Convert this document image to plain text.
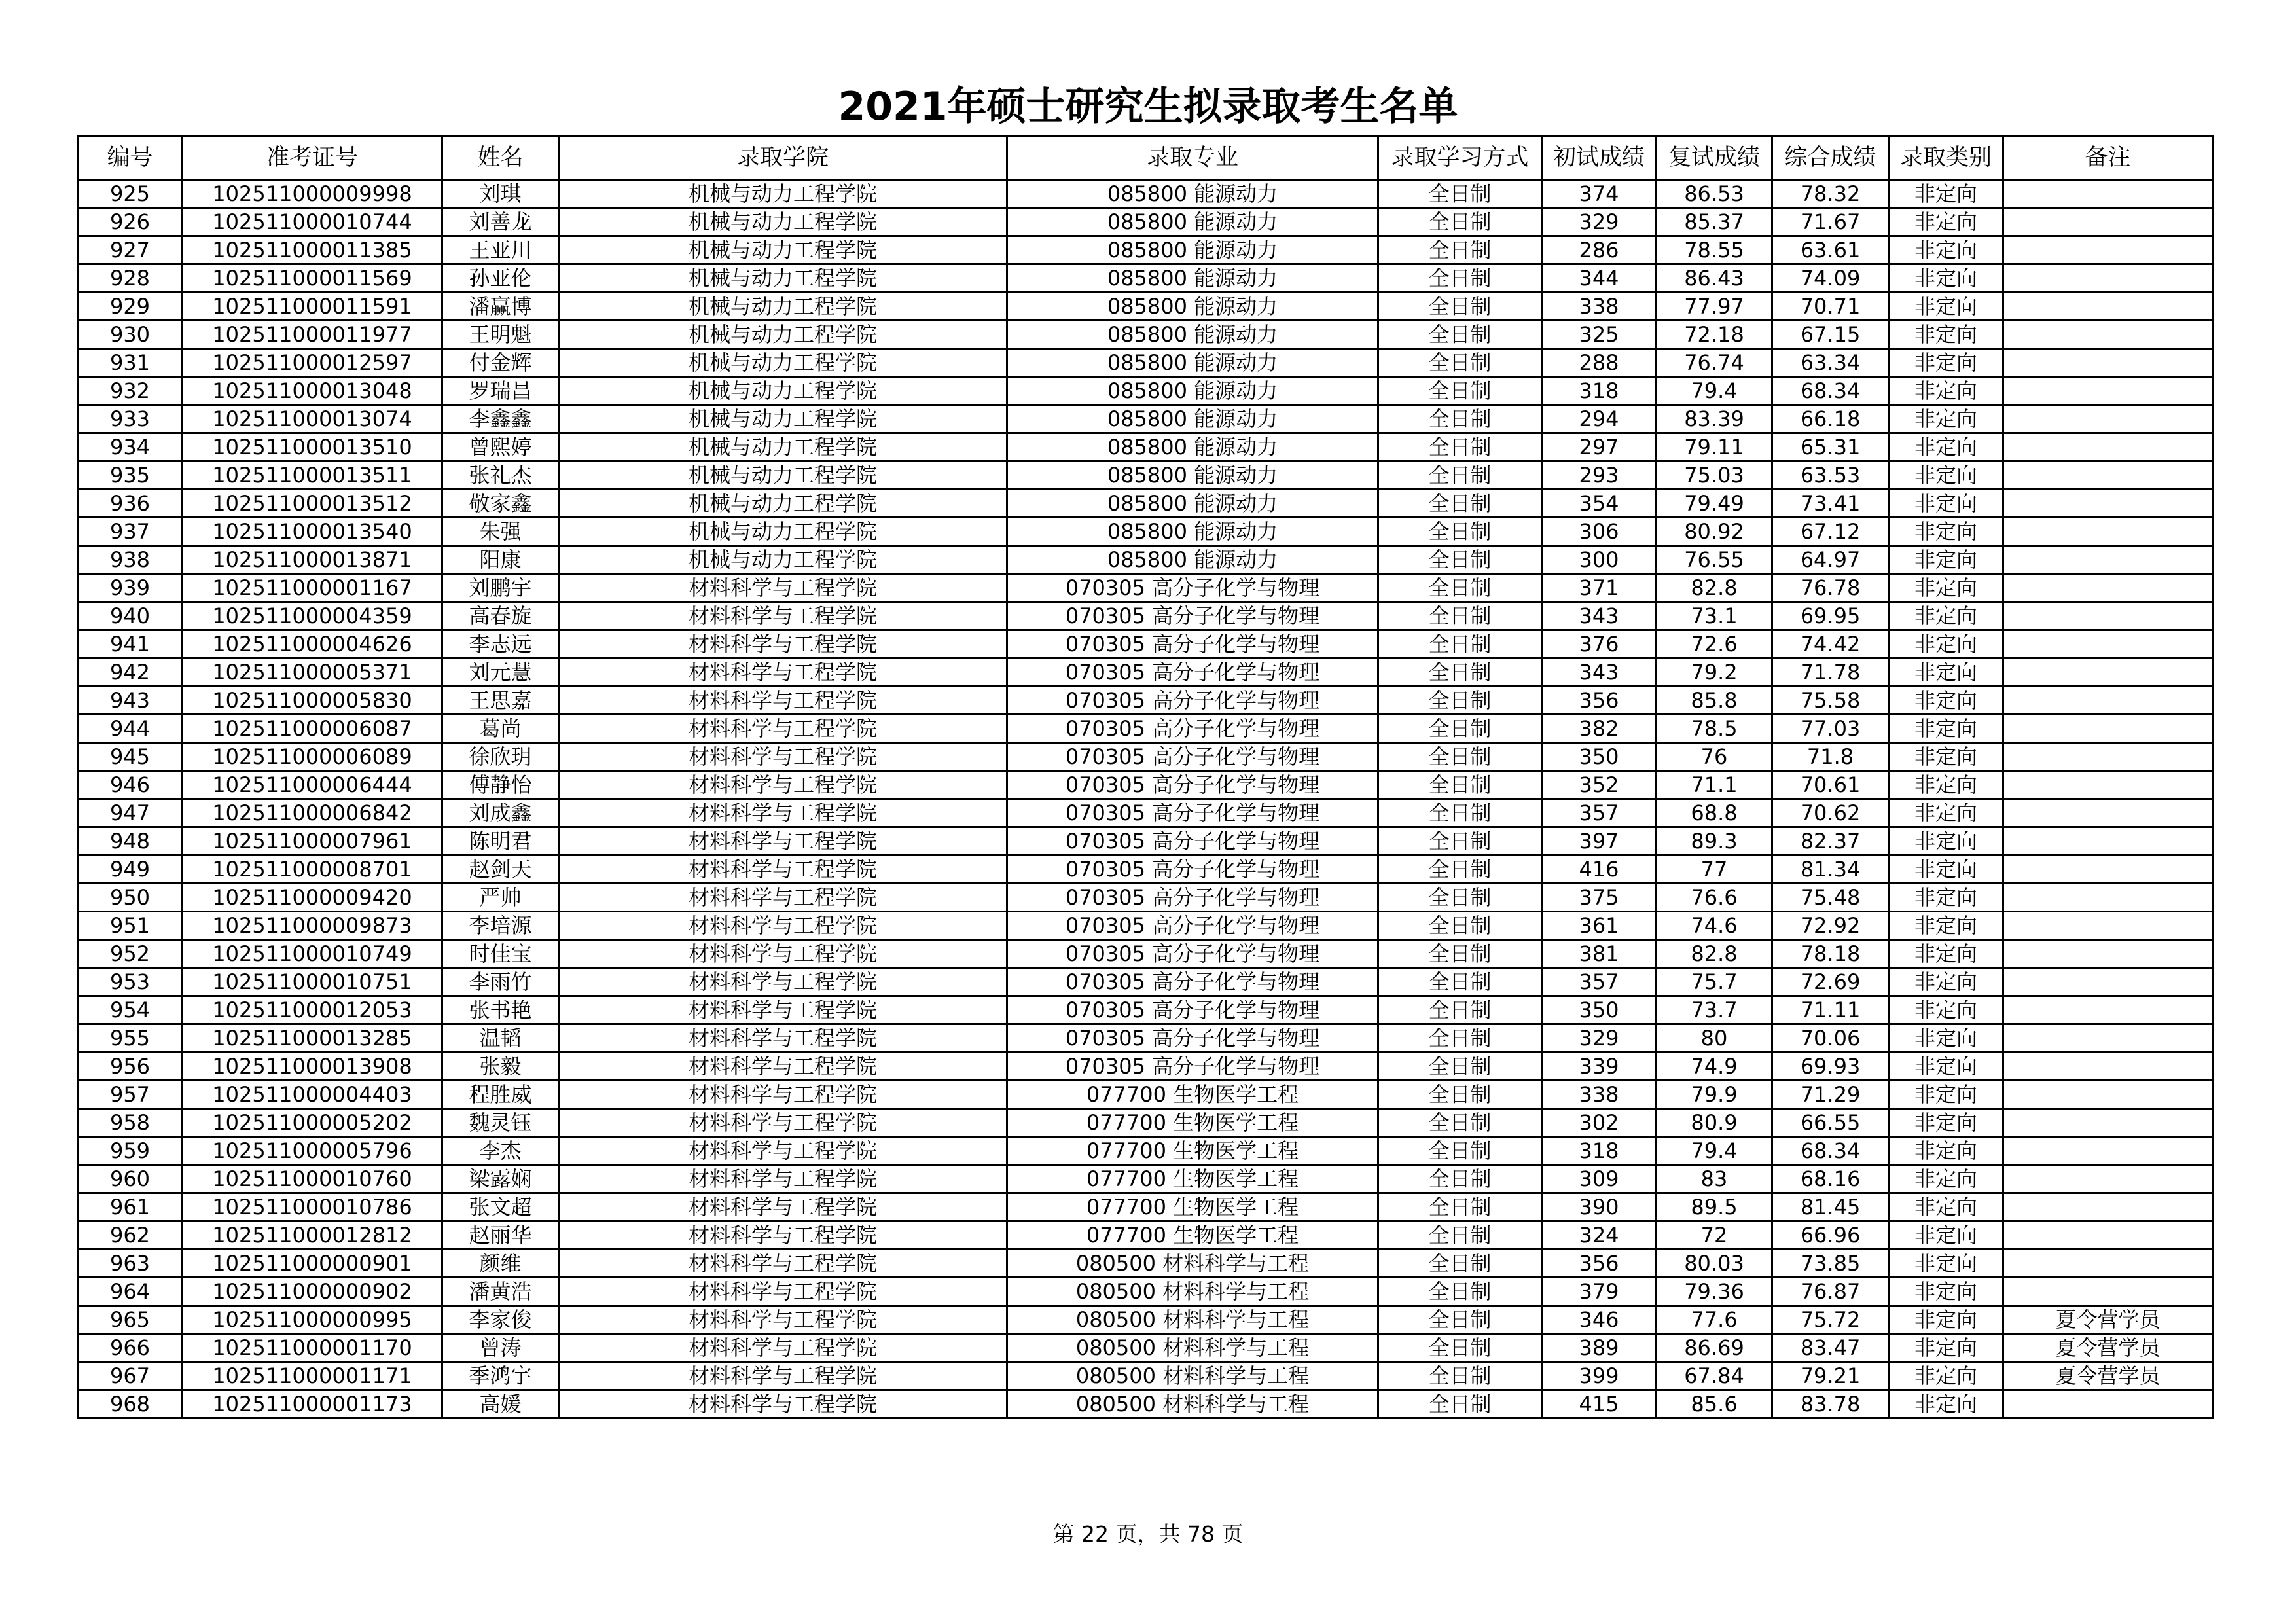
2021年硕士研究生拟录取考生名单
编号	准考证号	姓名	录取学院	录取专业	录取学习方式	初试成绩	复试成绩	综合成绩	录取类别	备注
925	102511000009998	刘琪	机械与动力工程学院	085800 能源动力	全日制	374	86.53	78.32	非定向	
926	102511000010744	刘善龙	机械与动力工程学院	085800 能源动力	全日制	329	85.37	71.67	非定向	
927	102511000011385	王亚川	机械与动力工程学院	085800 能源动力	全日制	286	78.55	63.61	非定向	
928	102511000011569	孙亚伦	机械与动力工程学院	085800 能源动力	全日制	344	86.43	74.09	非定向	
929	102511000011591	潘赢博	机械与动力工程学院	085800 能源动力	全日制	338	77.97	70.71	非定向	
930	102511000011977	王明魁	机械与动力工程学院	085800 能源动力	全日制	325	72.18	67.15	非定向	
931	102511000012597	付金辉	机械与动力工程学院	085800 能源动力	全日制	288	76.74	63.34	非定向	
932	102511000013048	罗瑞昌	机械与动力工程学院	085800 能源动力	全日制	318	79.4	68.34	非定向	
933	102511000013074	李鑫鑫	机械与动力工程学院	085800 能源动力	全日制	294	83.39	66.18	非定向	
934	102511000013510	曾熙婷	机械与动力工程学院	085800 能源动力	全日制	297	79.11	65.31	非定向	
935	102511000013511	张礼杰	机械与动力工程学院	085800 能源动力	全日制	293	75.03	63.53	非定向	
936	102511000013512	敬家鑫	机械与动力工程学院	085800 能源动力	全日制	354	79.49	73.41	非定向	
937	102511000013540	朱强	机械与动力工程学院	085800 能源动力	全日制	306	80.92	67.12	非定向	
938	102511000013871	阳康	机械与动力工程学院	085800 能源动力	全日制	300	76.55	64.97	非定向	
939	102511000001167	刘鹏宇	材料科学与工程学院	070305 高分子化学与物理	全日制	371	82.8	76.78	非定向	
940	102511000004359	高春旋	材料科学与工程学院	070305 高分子化学与物理	全日制	343	73.1	69.95	非定向	
941	102511000004626	李志远	材料科学与工程学院	070305 高分子化学与物理	全日制	376	72.6	74.42	非定向	
942	102511000005371	刘元慧	材料科学与工程学院	070305 高分子化学与物理	全日制	343	79.2	71.78	非定向	
943	102511000005830	王思嘉	材料科学与工程学院	070305 高分子化学与物理	全日制	356	85.8	75.58	非定向	
944	102511000006087	葛尚	材料科学与工程学院	070305 高分子化学与物理	全日制	382	78.5	77.03	非定向	
945	102511000006089	徐欣玥	材料科学与工程学院	070305 高分子化学与物理	全日制	350	76	71.8	非定向	
946	102511000006444	傅静怡	材料科学与工程学院	070305 高分子化学与物理	全日制	352	71.1	70.61	非定向	
947	102511000006842	刘成鑫	材料科学与工程学院	070305 高分子化学与物理	全日制	357	68.8	70.62	非定向	
948	102511000007961	陈明君	材料科学与工程学院	070305 高分子化学与物理	全日制	397	89.3	82.37	非定向	
949	102511000008701	赵剑天	材料科学与工程学院	070305 高分子化学与物理	全日制	416	77	81.34	非定向	
950	102511000009420	严帅	材料科学与工程学院	070305 高分子化学与物理	全日制	375	76.6	75.48	非定向	
951	102511000009873	李培源	材料科学与工程学院	070305 高分子化学与物理	全日制	361	74.6	72.92	非定向	
952	102511000010749	时佳宝	材料科学与工程学院	070305 高分子化学与物理	全日制	381	82.8	78.18	非定向	
953	102511000010751	李雨竹	材料科学与工程学院	070305 高分子化学与物理	全日制	357	75.7	72.69	非定向	
954	102511000012053	张书艳	材料科学与工程学院	070305 高分子化学与物理	全日制	350	73.7	71.11	非定向	
955	102511000013285	温韬	材料科学与工程学院	070305 高分子化学与物理	全日制	329	80	70.06	非定向	
956	102511000013908	张毅	材料科学与工程学院	070305 高分子化学与物理	全日制	339	74.9	69.93	非定向	
957	102511000004403	程胜威	材料科学与工程学院	077700 生物医学工程	全日制	338	79.9	71.29	非定向	
958	102511000005202	魏灵钰	材料科学与工程学院	077700 生物医学工程	全日制	302	80.9	66.55	非定向	
959	102511000005796	李杰	材料科学与工程学院	077700 生物医学工程	全日制	318	79.4	68.34	非定向	
960	102511000010760	梁露娴	材料科学与工程学院	077700 生物医学工程	全日制	309	83	68.16	非定向	
961	102511000010786	张文超	材料科学与工程学院	077700 生物医学工程	全日制	390	89.5	81.45	非定向	
962	102511000012812	赵丽华	材料科学与工程学院	077700 生物医学工程	全日制	324	72	66.96	非定向	
963	102511000000901	颜维	材料科学与工程学院	080500 材料科学与工程	全日制	356	80.03	73.85	非定向	
964	102511000000902	潘黄浩	材料科学与工程学院	080500 材料科学与工程	全日制	379	79.36	76.87	非定向	
965	102511000000995	李家俊	材料科学与工程学院	080500 材料科学与工程	全日制	346	77.6	75.72	非定向	夏令营学员
966	102511000001170	曾涛	材料科学与工程学院	080500 材料科学与工程	全日制	389	86.69	83.47	非定向	夏令营学员
967	102511000001171	季鸿宇	材料科学与工程学院	080500 材料科学与工程	全日制	399	67.84	79.21	非定向	夏令营学员
968	102511000001173	高媛	材料科学与工程学院	080500 材料科学与工程	全日制	415	85.6	83.78	非定向	
第 22 页，共 78 页
